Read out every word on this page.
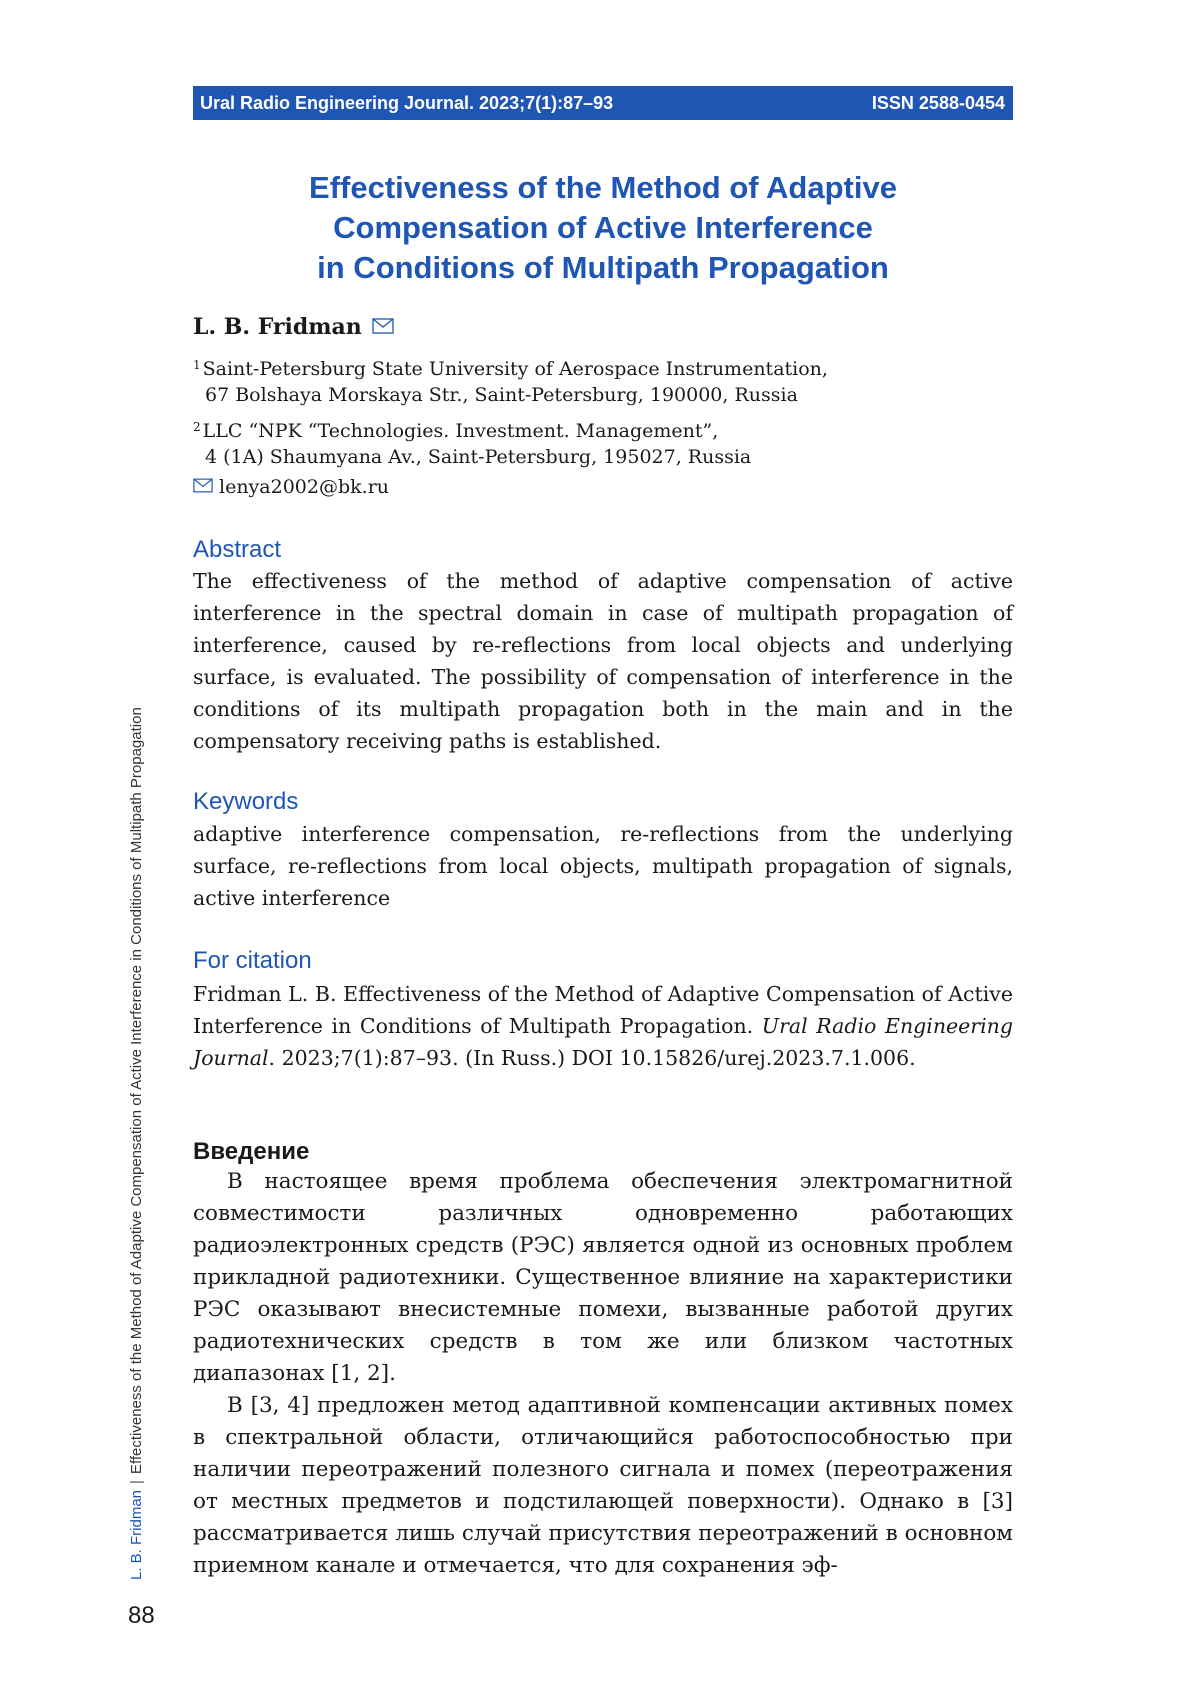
Ural Radio Engineering Journal. 2023;7(1):87–93	ISSN 2588-0454
Effectiveness of the Method of Adaptive
Compensation of Active Interference
in Conditions of Multipath Propagation
L. B. Fridman
$^1$ Saint-Petersburg State University of Aerospace Instrumentation,
67 Bolshaya Morskaya Str., Saint-Petersburg, 190000, Russia
$^2$ LLC “NPK “Technologies. Investment. Management”,
4 (1A) Shaumyana Av., Saint-Petersburg, 195027, Russia
lenya2002@bk.ru
Abstract

The effectiveness of the method of adaptive compensation of active interference in the spectral domain in case of multipath propagation of interference, caused by re-reflections from local objects and underlying surface, is evaluated. The possibility of compensation of interference in the conditions of its multipath propagation both in the main and in the compensatory receiving paths is established.

Keywords

adaptive interference compensation, re-reflections from the underlying surface, re-reflections from local objects, multipath propagation of signals, active interference

For citation

Fridman L. B. Effectiveness of the Method of Adaptive Compensation of Active Interference in Conditions of Multipath Propagation. Ural Radio Engineering Journal. 2023;7(1):87–93. (In Russ.) DOI 10.15826/urej.2023.7.1.006.

Введение

В настоящее время проблема обеспечения электромагнитной совместимости различных одновременно работающих радиоэлектронных средств (РЭС) является одной из основных проблем прикладной радиотехники. Существенное влияние на характеристики РЭС оказывают внесистемные помехи, вызванные работой других радиотехнических средств в том же или близком частотных диапазонах [1, 2].

В [3, 4] предложен метод адаптивной компенсации активных помех в спектральной области, отличающийся работоспособностью при наличии переотражений полезного сигнала и помех (переотражения от местных предметов и подстилающей поверхности). Однако в [3] рассматривается лишь случай присутствия переотражений в основном приемном канале и отмечается, что для сохранения эф-

L. B. Fridman|Effectiveness of the Method of Adaptive Compensation of Active Interference in Conditions of Multipath Propagation
88
